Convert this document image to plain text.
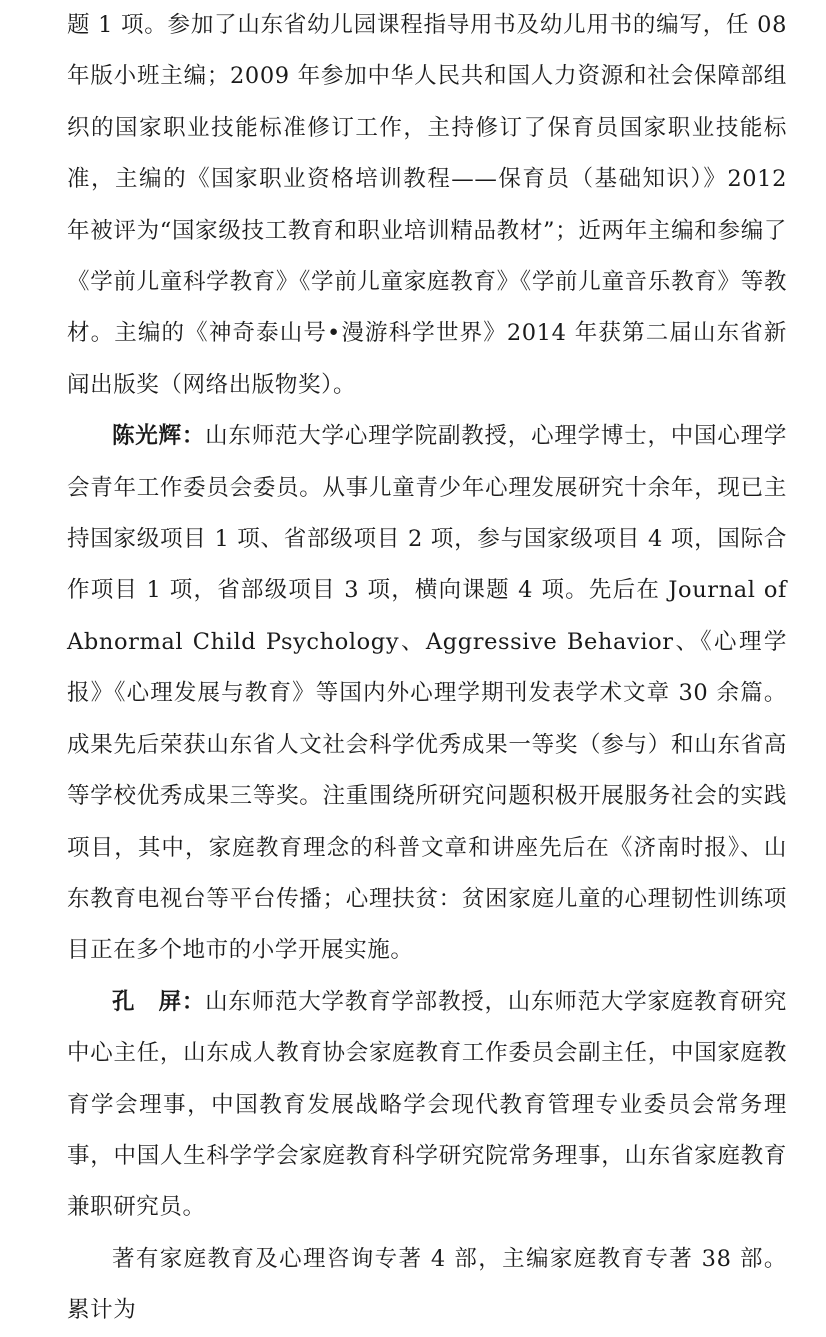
题 1 项。参加了山东省幼儿园课程指导用书及幼儿用书的编写，任 08 年版小班主编；2009 年参加中华人民共和国人力资源和社会保障部组织的国家职业技能标准修订工作，主持修订了保育员国家职业技能标准，主编的《国家职业资格培训教程——保育员（基础知识）》2012 年被评为“国家级技工教育和职业培训精品教材”；近两年主编和参编了《学前儿童科学教育》《学前儿童家庭教育》《学前儿童音乐教育》等教材。主编的《神奇泰山号•漫游科学世界》2014 年获第二届山东省新闻出版奖（网络出版物奖）。

陈光辉：山东师范大学心理学院副教授，心理学博士，中国心理学会青年工作委员会委员。从事儿童青少年心理发展研究十余年，现已主持国家级项目 1 项、省部级项目 2 项，参与国家级项目 4 项，国际合作项目 1 项，省部级项目 3 项，横向课题 4 项。先后在 Journal of Abnormal Child Psychology、Aggressive Behavior、《心理学报》《心理发展与教育》等国内外心理学期刊发表学术文章 30 余篇。成果先后荣获山东省人文社会科学优秀成果一等奖（参与）和山东省高等学校优秀成果三等奖。注重围绕所研究问题积极开展服务社会的实践项目，其中，家庭教育理念的科普文章和讲座先后在《济南时报》、山东教育电视台等平台传播；心理扶贫：贫困家庭儿童的心理韧性训练项目正在多个地市的小学开展实施。

孔　屏：山东师范大学教育学部教授，山东师范大学家庭教育研究中心主任，山东成人教育协会家庭教育工作委员会副主任，中国家庭教育学会理事，中国教育发展战略学会现代教育管理专业委员会常务理事，中国人生科学学会家庭教育科学研究院常务理事，山东省家庭教育兼职研究员。

著有家庭教育及心理咨询专著 4 部，主编家庭教育专著 38 部。累计为
